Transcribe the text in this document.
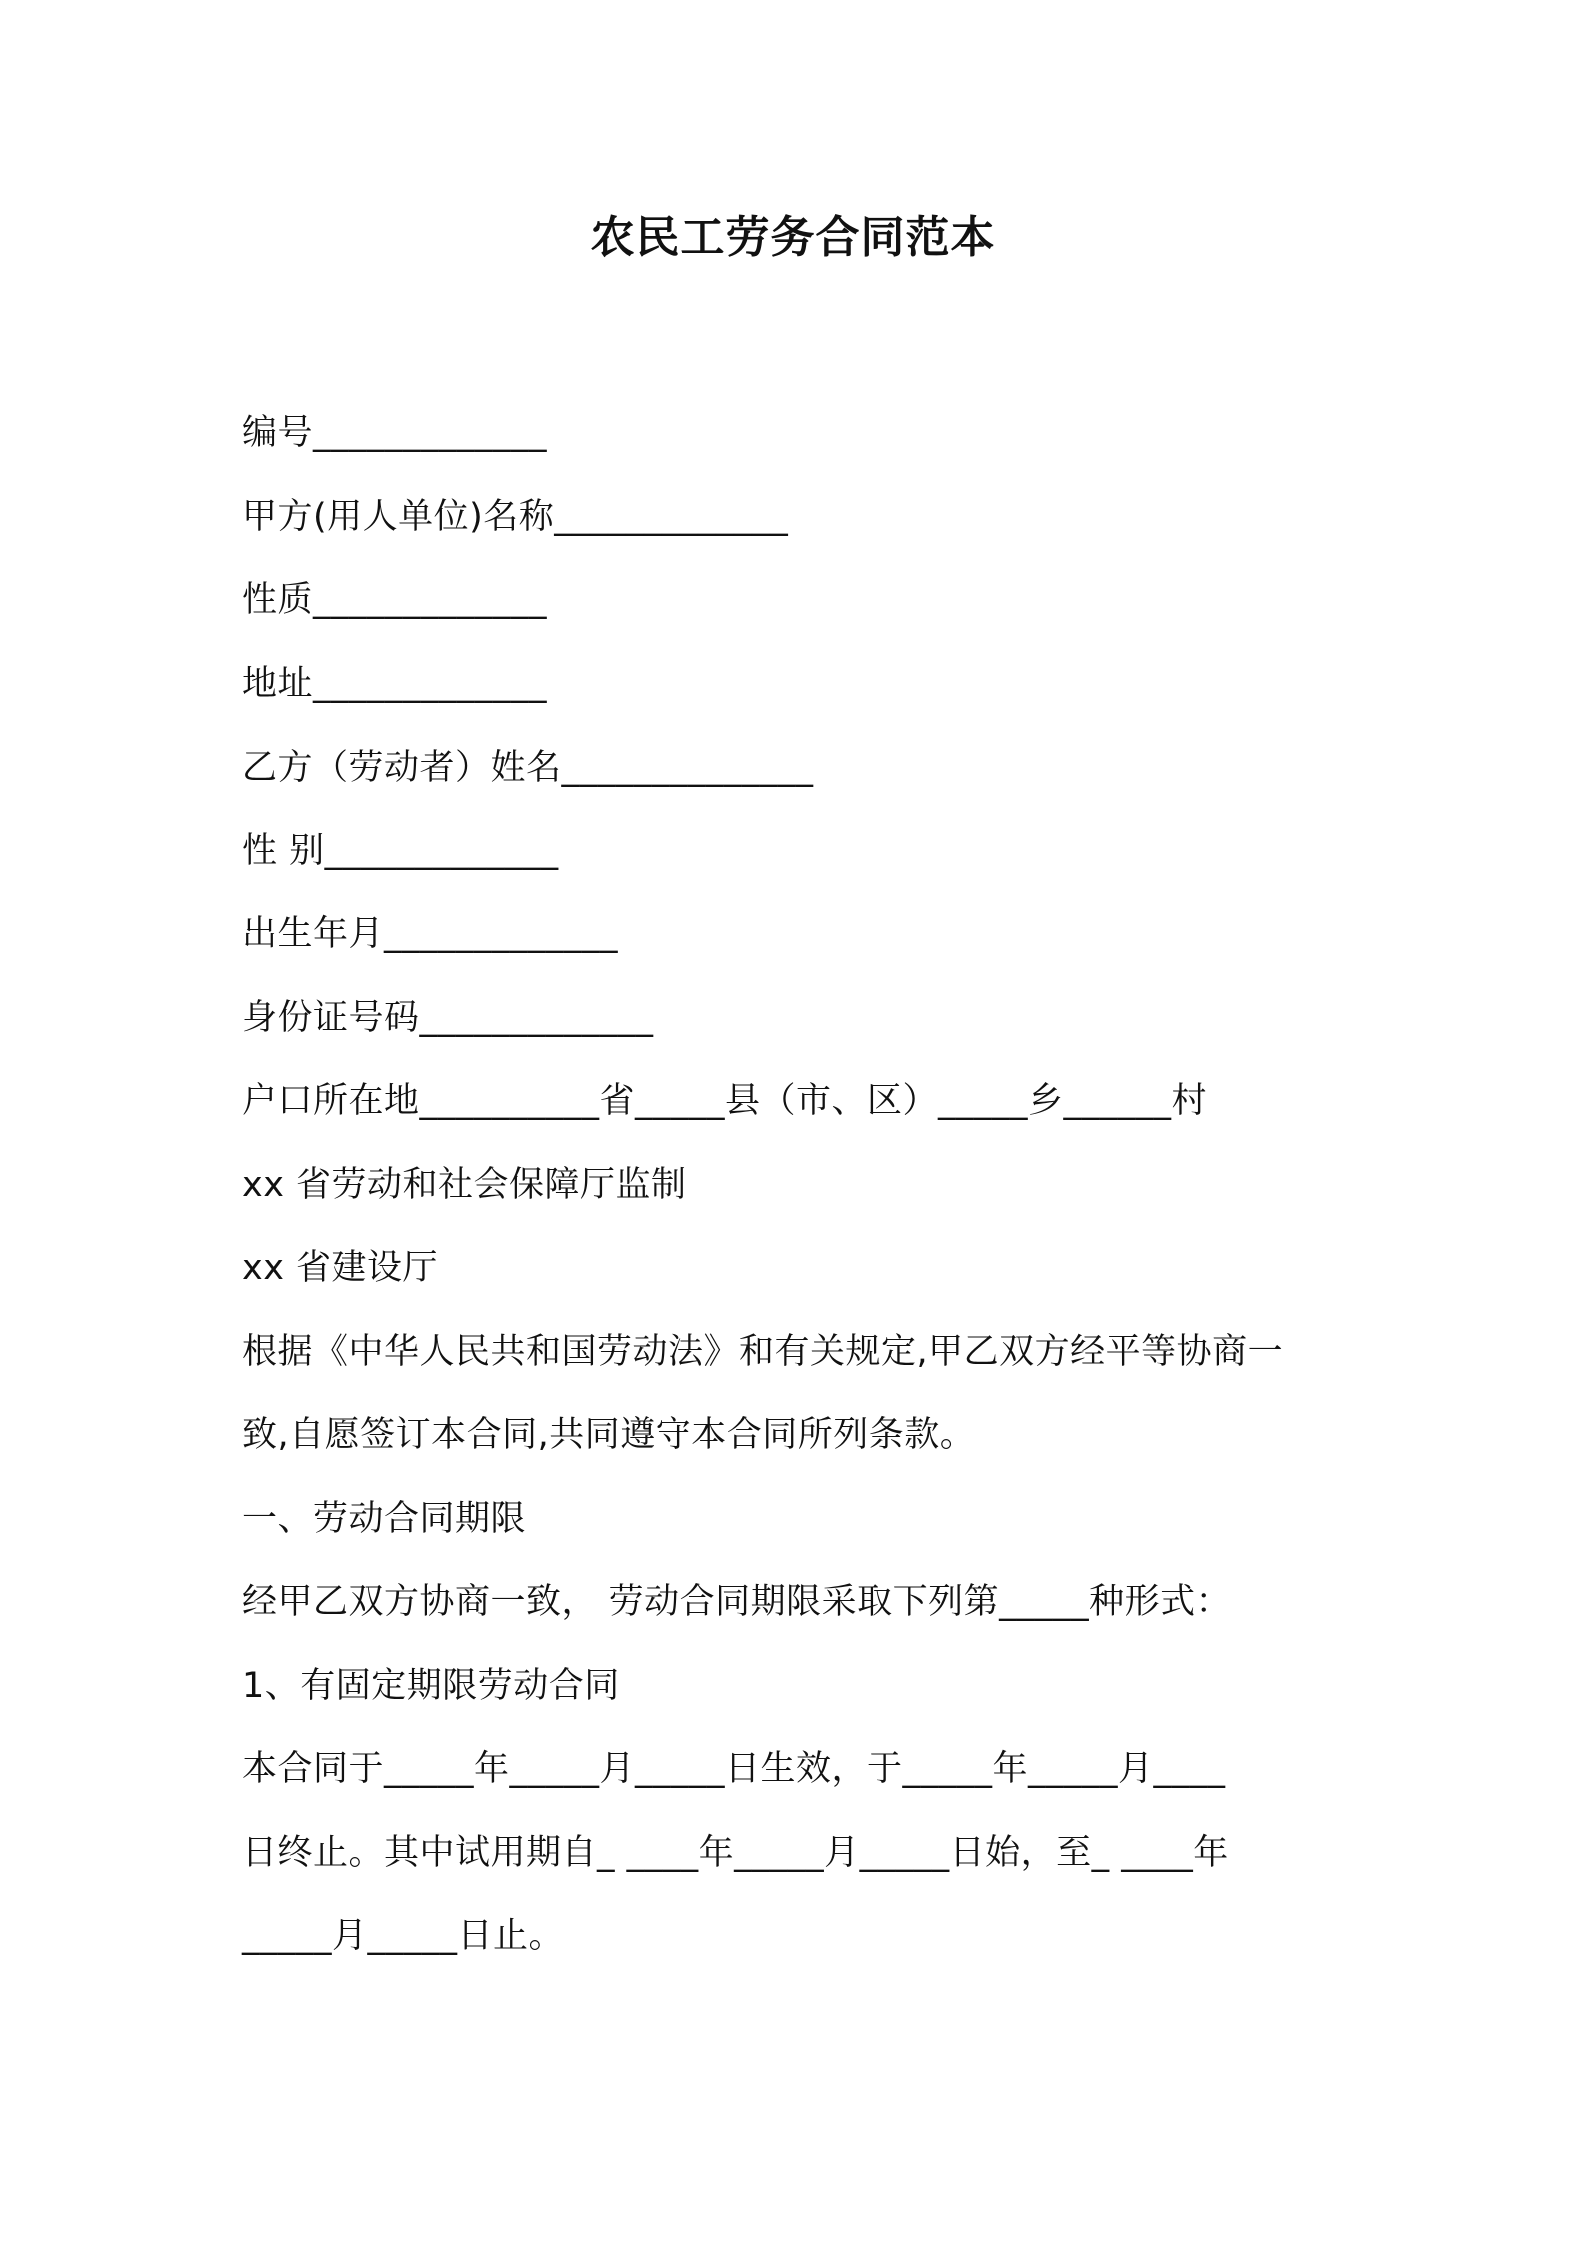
农民工劳务合同范本
编号_____________
甲方(用人单位)名称_____________
性质_____________
地址_____________
乙方（劳动者）姓名______________
性 别_____________
出生年月_____________
身份证号码_____________
户口所在地__________省_____县（市、区）_____乡______村
xx 省劳动和社会保障厅监制
xx 省建设厅
根据《中华人民共和国劳动法》和有关规定,甲乙双方经平等协商一
致,自愿签订本合同,共同遵守本合同所列条款。
一、劳动合同期限
经甲乙双方协商一致， 劳动合同期限采取下列第_____种形式：
1、有固定期限劳动合同
本合同于_____年_____月_____日生效，于_____年_____月____
日终止。其中试用期自_ ____年_____月_____日始，至_ ____年
_____月_____日止。
